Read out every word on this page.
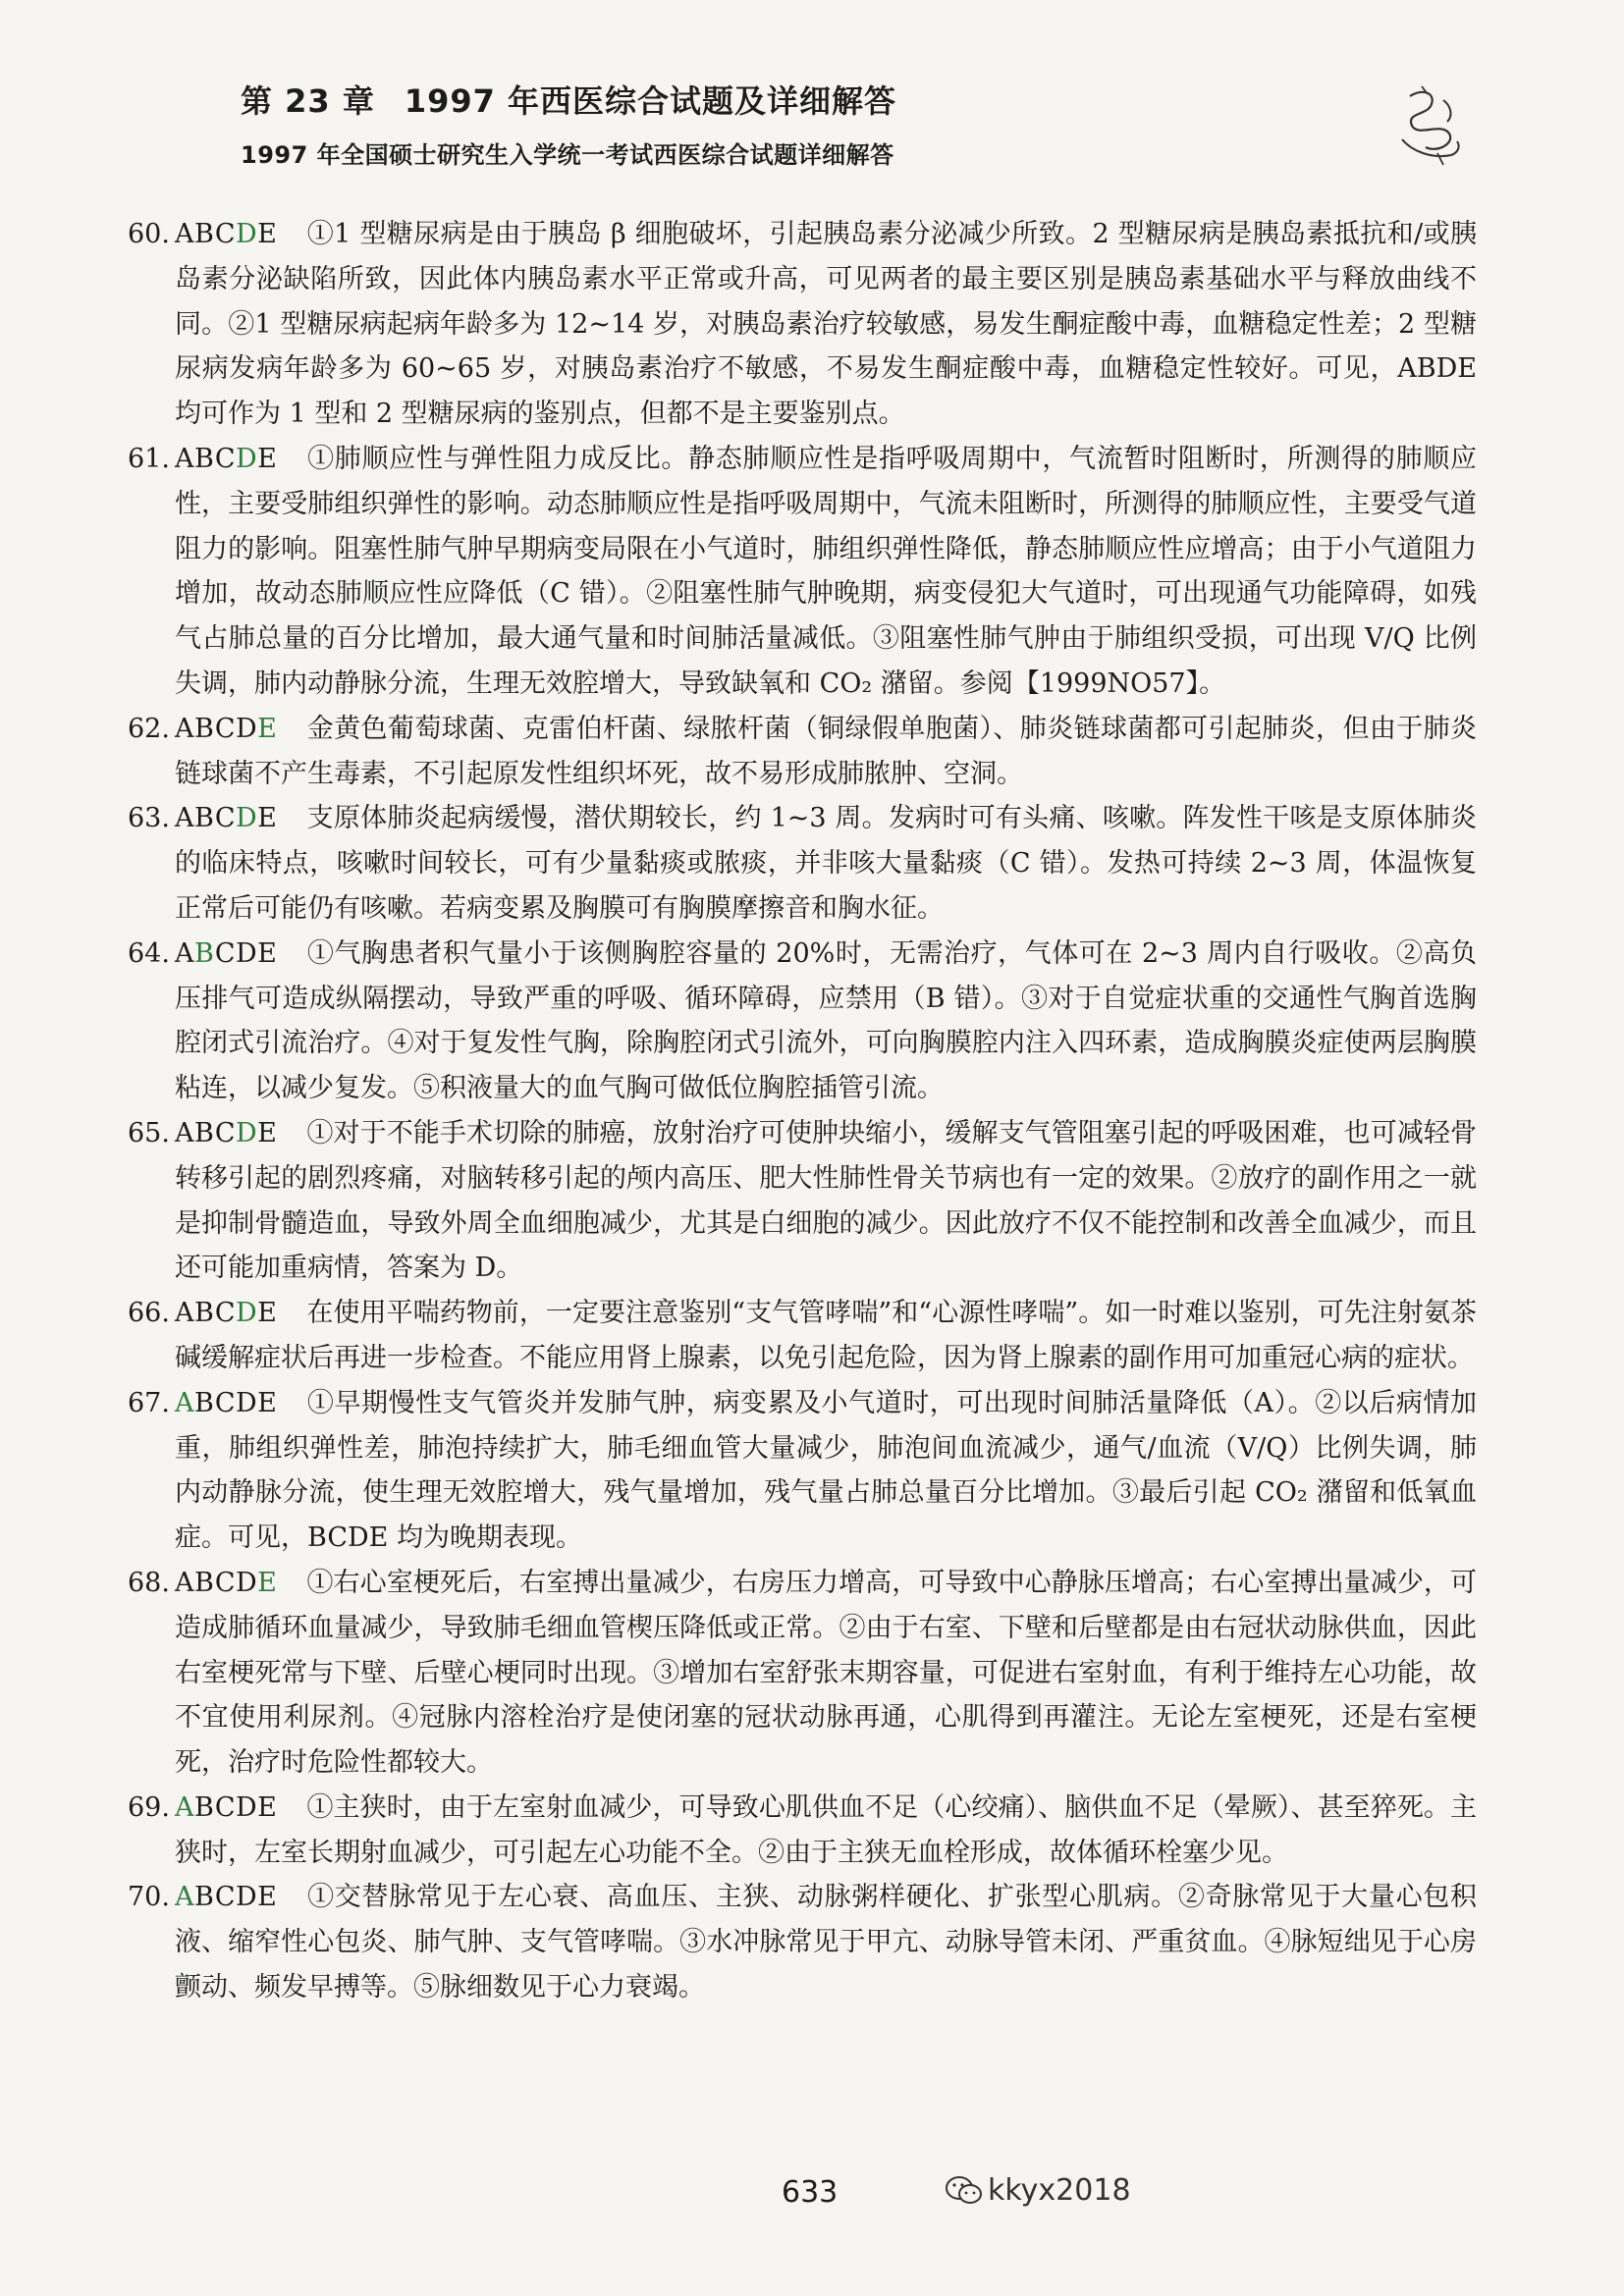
第 23 章 1997 年西医综合试题及详细解答
1997 年全国硕士研究生入学统一考试西医综合试题详细解答
60. ABCDE ①1 型糖尿病是由于胰岛 β 细胞破坏，引起胰岛素分泌减少所致。2 型糖尿病是胰岛素抵抗和/或胰岛素分泌缺陷所致，因此体内胰岛素水平正常或升高，可见两者的最主要区别是胰岛素基础水平与释放曲线不同。②1 型糖尿病起病年龄多为 12~14 岁，对胰岛素治疗较敏感，易发生酮症酸中毒，血糖稳定性差；2 型糖尿病发病年龄多为 60~65 岁，对胰岛素治疗不敏感，不易发生酮症酸中毒，血糖稳定性较好。可见，ABDE 均可作为 1 型和 2 型糖尿病的鉴别点，但都不是主要鉴别点。
61. ABCDE ①肺顺应性与弹性阻力成反比。静态肺顺应性是指呼吸周期中，气流暂时阻断时，所测得的肺顺应性，主要受肺组织弹性的影响。动态肺顺应性是指呼吸周期中，气流未阻断时，所测得的肺顺应性，主要受气道阻力的影响。阻塞性肺气肿早期病变局限在小气道时，肺组织弹性降低，静态肺顺应性应增高；由于小气道阻力增加，故动态肺顺应性应降低（C 错）。②阻塞性肺气肿晚期，病变侵犯大气道时，可出现通气功能障碍，如残气占肺总量的百分比增加，最大通气量和时间肺活量减低。③阻塞性肺气肿由于肺组织受损，可出现 V/Q 比例失调，肺内动静脉分流，生理无效腔增大，导致缺氧和 CO₂ 潴留。参阅【1999NO57】。
62. ABCDE 金黄色葡萄球菌、克雷伯杆菌、绿脓杆菌（铜绿假单胞菌）、肺炎链球菌都可引起肺炎，但由于肺炎链球菌不产生毒素，不引起原发性组织坏死，故不易形成肺脓肿、空洞。
63. ABCDE 支原体肺炎起病缓慢，潜伏期较长，约 1~3 周。发病时可有头痛、咳嗽。阵发性干咳是支原体肺炎的临床特点，咳嗽时间较长，可有少量黏痰或脓痰，并非咳大量黏痰（C 错）。发热可持续 2~3 周，体温恢复正常后可能仍有咳嗽。若病变累及胸膜可有胸膜摩擦音和胸水征。
64. ABCDE ①气胸患者积气量小于该侧胸腔容量的 20%时，无需治疗，气体可在 2~3 周内自行吸收。②高负压排气可造成纵隔摆动，导致严重的呼吸、循环障碍，应禁用（B 错）。③对于自觉症状重的交通性气胸首选胸腔闭式引流治疗。④对于复发性气胸，除胸腔闭式引流外，可向胸膜腔内注入四环素，造成胸膜炎症使两层胸膜粘连，以减少复发。⑤积液量大的血气胸可做低位胸腔插管引流。
65. ABCDE ①对于不能手术切除的肺癌，放射治疗可使肿块缩小，缓解支气管阻塞引起的呼吸困难，也可减轻骨转移引起的剧烈疼痛，对脑转移引起的颅内高压、肥大性肺性骨关节病也有一定的效果。②放疗的副作用之一就是抑制骨髓造血，导致外周全血细胞减少，尤其是白细胞的减少。因此放疗不仅不能控制和改善全血减少，而且还可能加重病情，答案为 D。
66. ABCDE 在使用平喘药物前，一定要注意鉴别“支气管哮喘”和“心源性哮喘”。如一时难以鉴别，可先注射氨茶碱缓解症状后再进一步检查。不能应用肾上腺素，以免引起危险，因为肾上腺素的副作用可加重冠心病的症状。
67. ABCDE ①早期慢性支气管炎并发肺气肿，病变累及小气道时，可出现时间肺活量降低（A）。②以后病情加重，肺组织弹性差，肺泡持续扩大，肺毛细血管大量减少，肺泡间血流减少，通气/血流（V/Q）比例失调，肺内动静脉分流，使生理无效腔增大，残气量增加，残气量占肺总量百分比增加。③最后引起 CO₂ 潴留和低氧血症。可见，BCDE 均为晚期表现。
68. ABCDE ①右心室梗死后，右室搏出量减少，右房压力增高，可导致中心静脉压增高；右心室搏出量减少，可造成肺循环血量减少，导致肺毛细血管楔压降低或正常。②由于右室、下壁和后壁都是由右冠状动脉供血，因此右室梗死常与下壁、后壁心梗同时出现。③增加右室舒张末期容量，可促进右室射血，有利于维持左心功能，故不宜使用利尿剂。④冠脉内溶栓治疗是使闭塞的冠状动脉再通，心肌得到再灌注。无论左室梗死，还是右室梗死，治疗时危险性都较大。
69. ABCDE ①主狭时，由于左室射血减少，可导致心肌供血不足（心绞痛）、脑供血不足（晕厥）、甚至猝死。主狭时，左室长期射血减少，可引起左心功能不全。②由于主狭无血栓形成，故体循环栓塞少见。
70. ABCDE ①交替脉常见于左心衰、高血压、主狭、动脉粥样硬化、扩张型心肌病。②奇脉常见于大量心包积液、缩窄性心包炎、肺气肿、支气管哮喘。③水冲脉常见于甲亢、动脉导管未闭、严重贫血。④脉短绌见于心房颤动、频发早搏等。⑤脉细数见于心力衰竭。
633	kkyx2018
